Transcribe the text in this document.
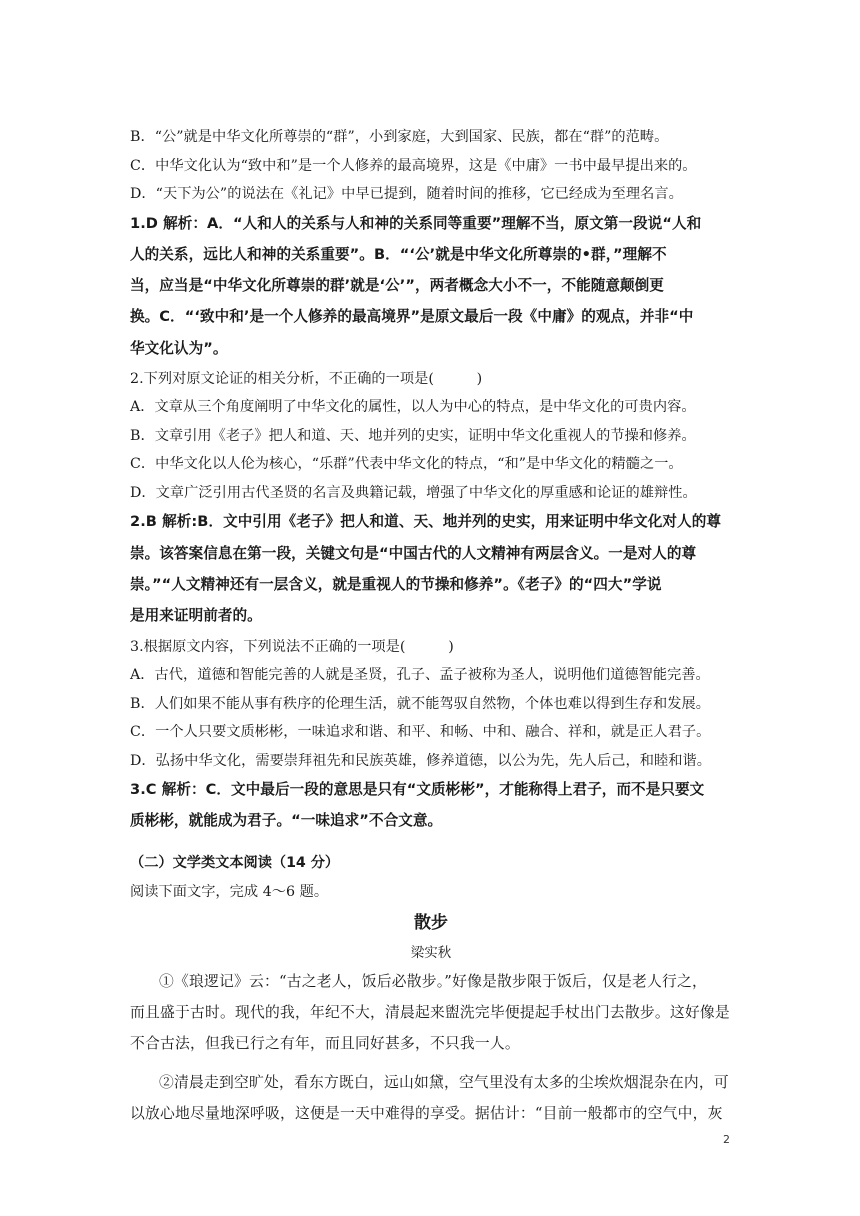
B．“公”就是中华文化所尊崇的“群”，小到家庭，大到国家、民族，都在“群”的范畴。
C．中华文化认为“致中和”是一个人修养的最高境界，这是《中庸》一书中最早提出来的。
D．“天下为公”的说法在《礼记》中早已提到，随着时间的推移，它已经成为至理名言。
1.D 解析：A．“人和人的关系与人和神的关系同等重要”理解不当，原文第一段说“人和
人的关系，远比人和神的关系重要”。B．“‘公’就是中华文化所尊崇的•群，”理解不
当，应当是“中华文化所尊崇的群’就是‘公’”，两者概念大小不一，不能随意颠倒更
换。C．“‘致中和’是一个人修养的最高境界”是原文最后一段《中庸》的观点，并非“中
华文化认为”。
2.下列对原文论证的相关分析，不正确的一项是(　　　)
A．文章从三个角度阐明了中华文化的属性，以人为中心的特点，是中华文化的可贵内容。
B．文章引用《老子》把人和道、天、地并列的史实，证明中华文化重视人的节操和修养。
C．中华文化以人伦为核心，“乐群”代表中华文化的特点，“和”是中华文化的精髓之一。
D．文章广泛引用古代圣贤的名言及典籍记载，增强了中华文化的厚重感和论证的雄辩性。
2.B 解析:B．文中引用《老子》把人和道、天、地并列的史实，用来证明中华文化对人的尊
崇。该答案信息在第一段，关键文句是“中国古代的人文精神有两层含义。一是对人的尊
崇。”“人文精神还有一层含义，就是重视人的节操和修养”。《老子》的“四大”学说
是用来证明前者的。
3.根据原文内容，下列说法不正确的一项是(　　　)
A．古代，道德和智能完善的人就是圣贤，孔子、孟子被称为圣人，说明他们道德智能完善。
B．人们如果不能从事有秩序的伦理生活，就不能驾驭自然物，个体也难以得到生存和发展。
C．一个人只要文质彬彬，一味追求和谐、和平、和畅、中和、融合、祥和，就是正人君子。
D．弘扬中华文化，需要崇拜祖先和民族英雄，修养道德，以公为先，先人后己，和睦和谐。
3.C 解析：C．文中最后一段的意思是只有“文质彬彬”，才能称得上君子，而不是只要文
质彬彬，就能成为君子。“一味追求”不合文意。
（二）文学类文本阅读（14 分）
阅读下面文字，完成 4～6 题。
散步
梁实秋
①《琅逻记》云：“古之老人，饭后必散步。”好像是散步限于饭后，仅是老人行之，
而且盛于古时。现代的我，年纪不大，清晨起来盥洗完毕便提起手杖出门去散步。这好像是
不合古法，但我已行之有年，而且同好甚多，不只我一人。
②清晨走到空旷处，看东方既白，远山如黛，空气里没有太多的尘埃炊烟混杂在内，可
以放心地尽量地深呼吸，这便是一天中难得的享受。据估计：“目前一般都市的空气中，灰
2
